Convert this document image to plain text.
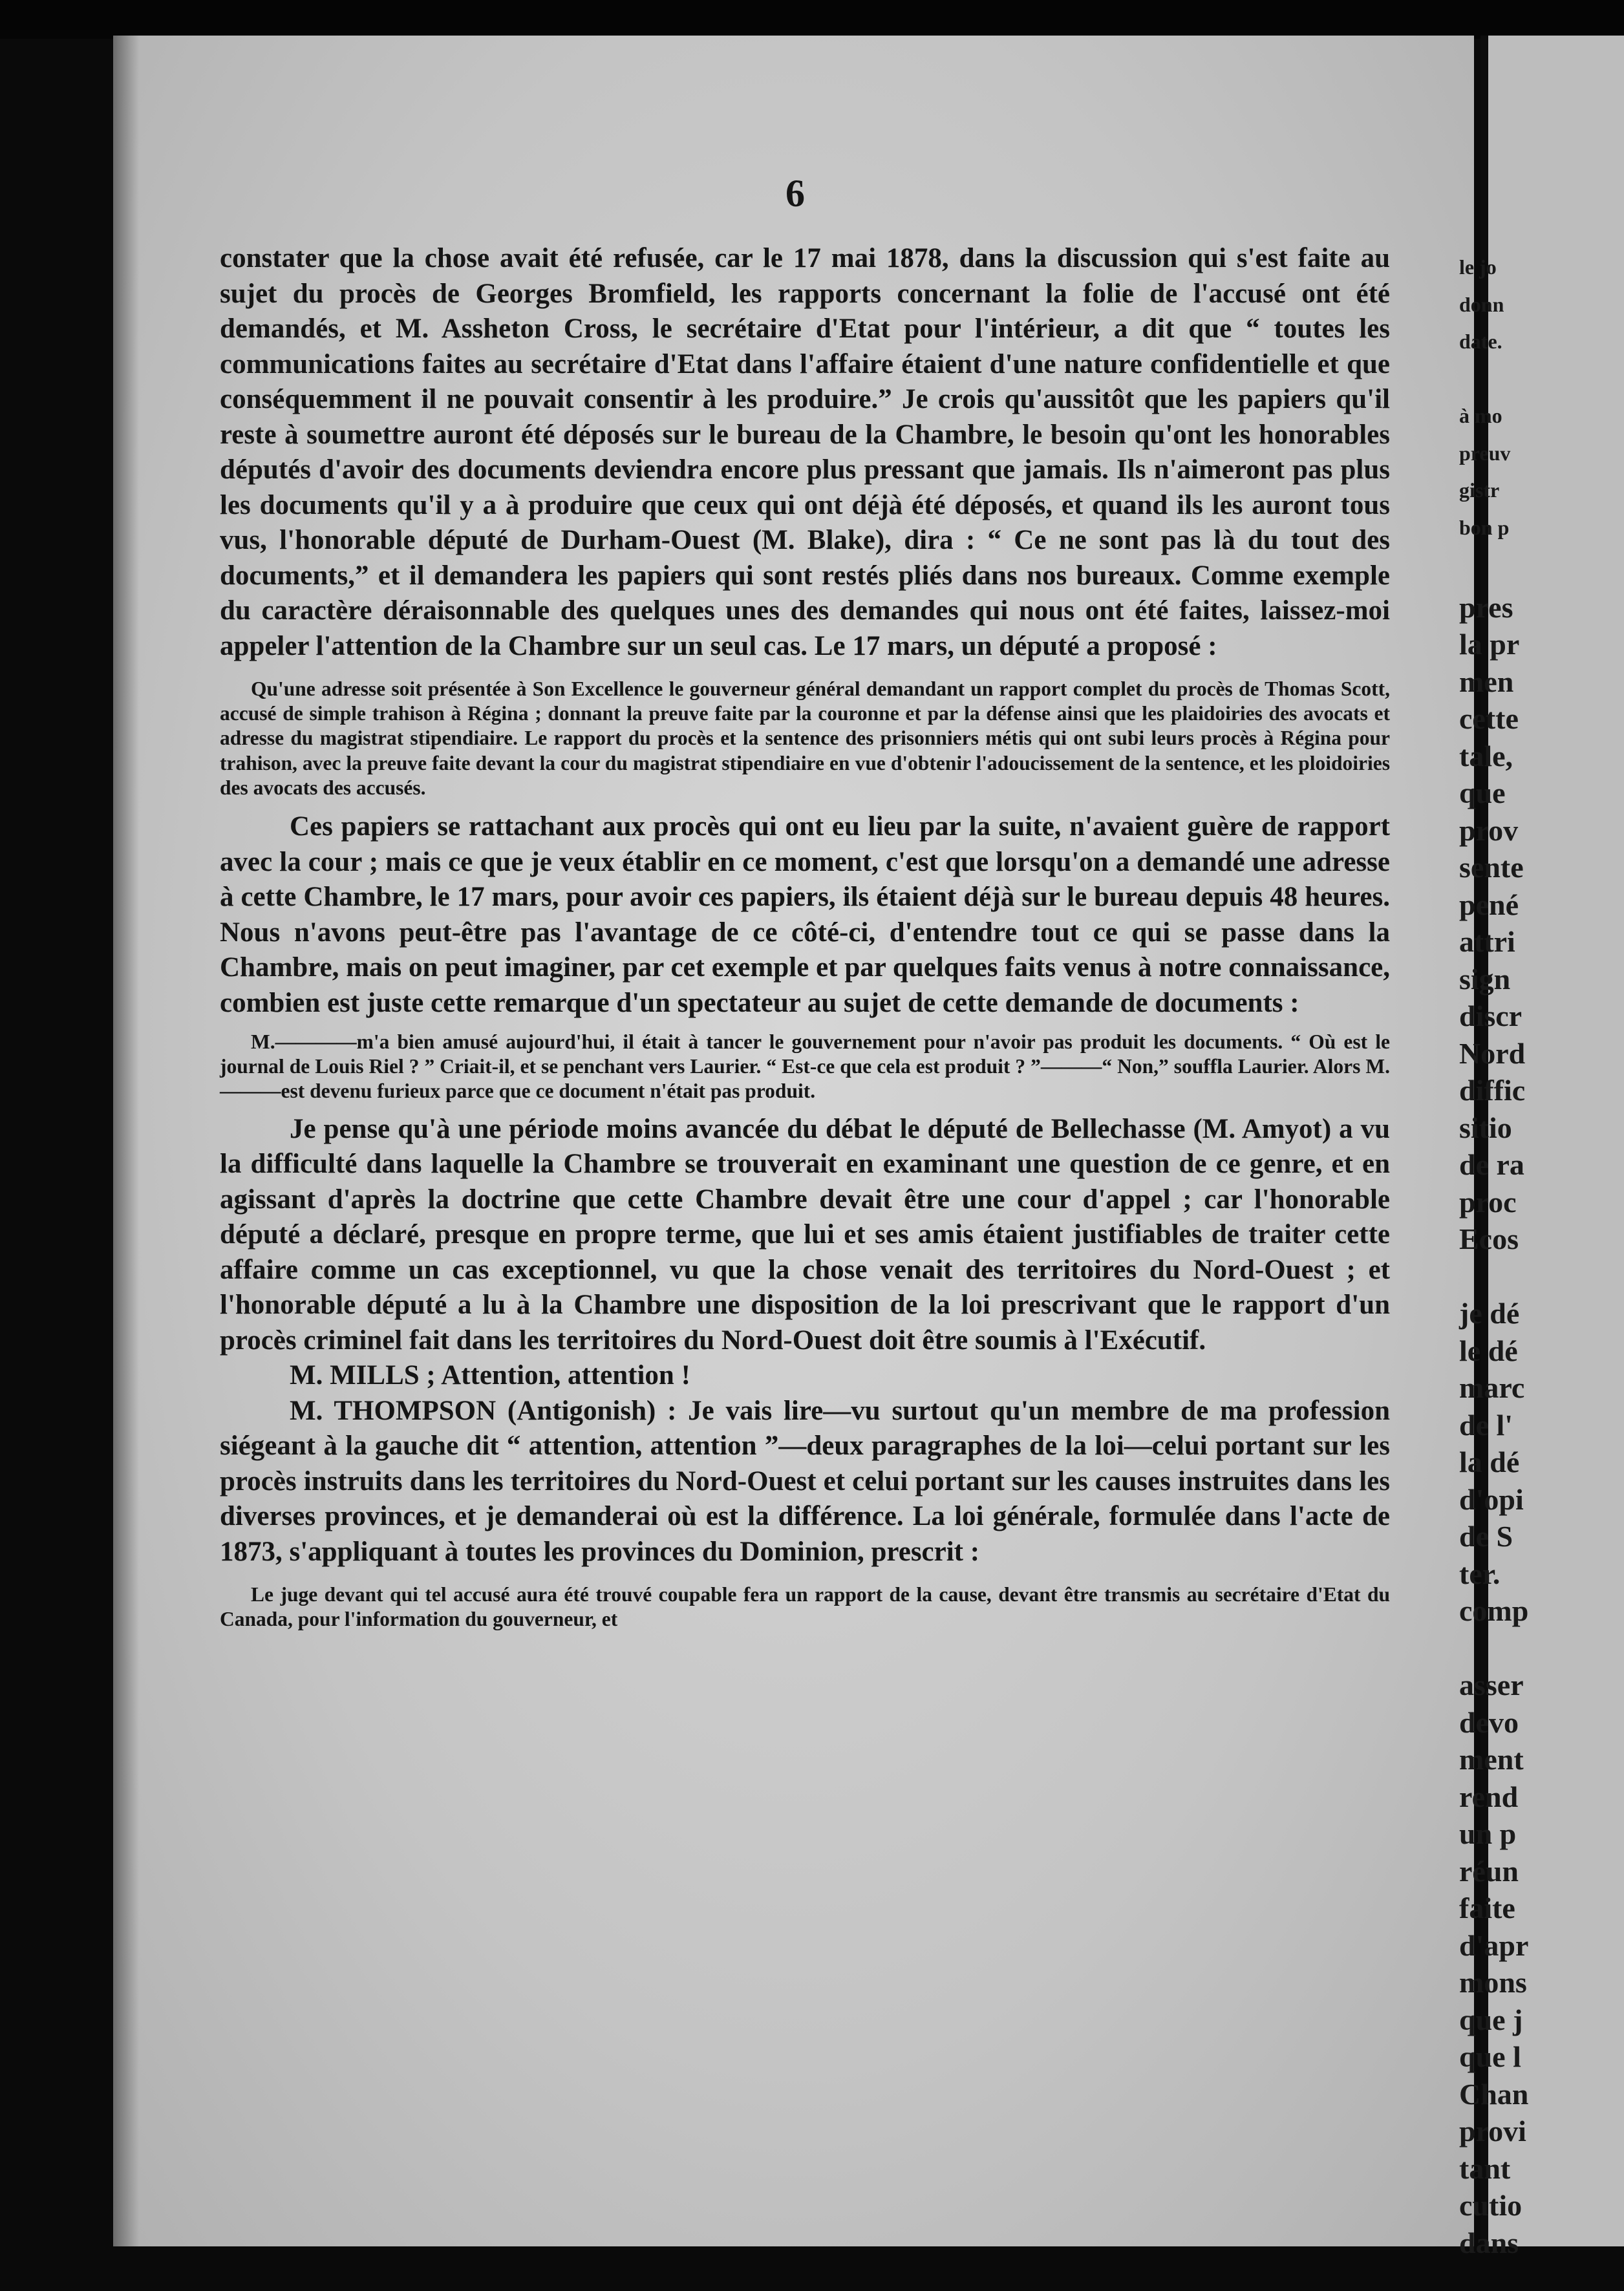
6

constater que la chose avait été refusée, car le 17 mai 1878, dans la discussion qui s'est faite au sujet du procès de Georges Bromfield, les rapports concernant la folie de l'accusé ont été demandés, et M. Assheton Cross, le secrétaire d'Etat pour l'intérieur, a dit que “ toutes les communications faites au secrétaire d'Etat dans l'affaire étaient d'une nature confidentielle et que conséquemment il ne pouvait consentir à les produire.” Je crois qu'aussitôt que les papiers qu'il reste à soumettre auront été déposés sur le bureau de la Chambre, le besoin qu'ont les honorables députés d'avoir des documents deviendra encore plus pressant que jamais. Ils n'aimeront pas plus les documents qu'il y a à produire que ceux qui ont déjà été déposés, et quand ils les auront tous vus, l'honorable député de Durham-Ouest (M. Blake), dira : “ Ce ne sont pas là du tout des documents,” et il demandera les papiers qui sont restés pliés dans nos bureaux. Comme exemple du caractère déraisonnable des quelques unes des demandes qui nous ont été faites, laissez-moi appeler l'attention de la Chambre sur un seul cas. Le 17 mars, un député a proposé :

Qu'une adresse soit présentée à Son Excellence le gouverneur général demandant un rapport complet du procès de Thomas Scott, accusé de simple trahison à Régina ; donnant la preuve faite par la couronne et par la défense ainsi que les plaidoiries des avocats et adresse du magistrat stipendiaire. Le rapport du procès et la sentence des prisonniers métis qui ont subi leurs procès à Régina pour trahison, avec la preuve faite devant la cour du magistrat stipendiaire en vue d'obtenir l'adoucissement de la sentence, et les ploidoiries des avocats des accusés.

Ces papiers se rattachant aux procès qui ont eu lieu par la suite, n'avaient guère de rapport avec la cour ; mais ce que je veux établir en ce moment, c'est que lorsqu'on a demandé une adresse à cette Chambre, le 17 mars, pour avoir ces papiers, ils étaient déjà sur le bureau depuis 48 heures. Nous n'avons peut-être pas l'avantage de ce côté-ci, d'entendre tout ce qui se passe dans la Chambre, mais on peut imaginer, par cet exemple et par quelques faits venus à notre connaissance, combien est juste cette remarque d'un spectateur au sujet de cette demande de documents :

M.————m'a bien amusé aujourd'hui, il était à tancer le gouvernement pour n'avoir pas produit les documents. “ Où est le journal de Louis Riel ? ” Criait-il, et se penchant vers Laurier. “ Est-ce que cela est produit ? ”———“ Non,” souffla Laurier. Alors M.———est devenu furieux parce que ce document n'était pas produit.

Je pense qu'à une période moins avancée du débat le député de Bellechasse (M. Amyot) a vu la difficulté dans laquelle la Chambre se trouverait en examinant une question de ce genre, et en agissant d'après la doctrine que cette Chambre devait être une cour d'appel ; car l'honorable député a déclaré, presque en propre terme, que lui et ses amis étaient justifiables de traiter cette affaire comme un cas exceptionnel, vu que la chose venait des territoires du Nord-Ouest ; et l'honorable député a lu à la Chambre une disposition de la loi prescrivant que le rapport d'un procès criminel fait dans les territoires du Nord-Ouest doit être soumis à l'Exécutif.

M. MILLS ; Attention, attention !

M. THOMPSON (Antigonish) : Je vais lire—vu surtout qu'un membre de ma profession siégeant à la gauche dit “ attention, attention ”—deux paragraphes de la loi—celui portant sur les procès instruits dans les territoires du Nord-Ouest et celui portant sur les causes instruites dans les diverses provinces, et je demanderai où est la différence. La loi générale, formulée dans l'acte de 1873, s'appliquant à toutes les provinces du Dominion, prescrit :

Le juge devant qui tel accusé aura été trouvé coupable fera un rapport de la cause, devant être transmis au secrétaire d'Etat du Canada, pour l'information du gouverneur, et

le jo
donn
date.
à mo
preuv
gistr
bon p
pres
la pr
men
cette
tale,
que
prov
sente
pené
attri
sign
discr
Nord
diffic
sitio
de ra
proc
Ecos
je dé
le dé
marc
de l'
la dé
d'opi
de S
ter.
comp
asser
devo
ment
rend
un p
réun
faite
d'apr
mons
que j
que l
Chan
provi
tant
cutio
dans
